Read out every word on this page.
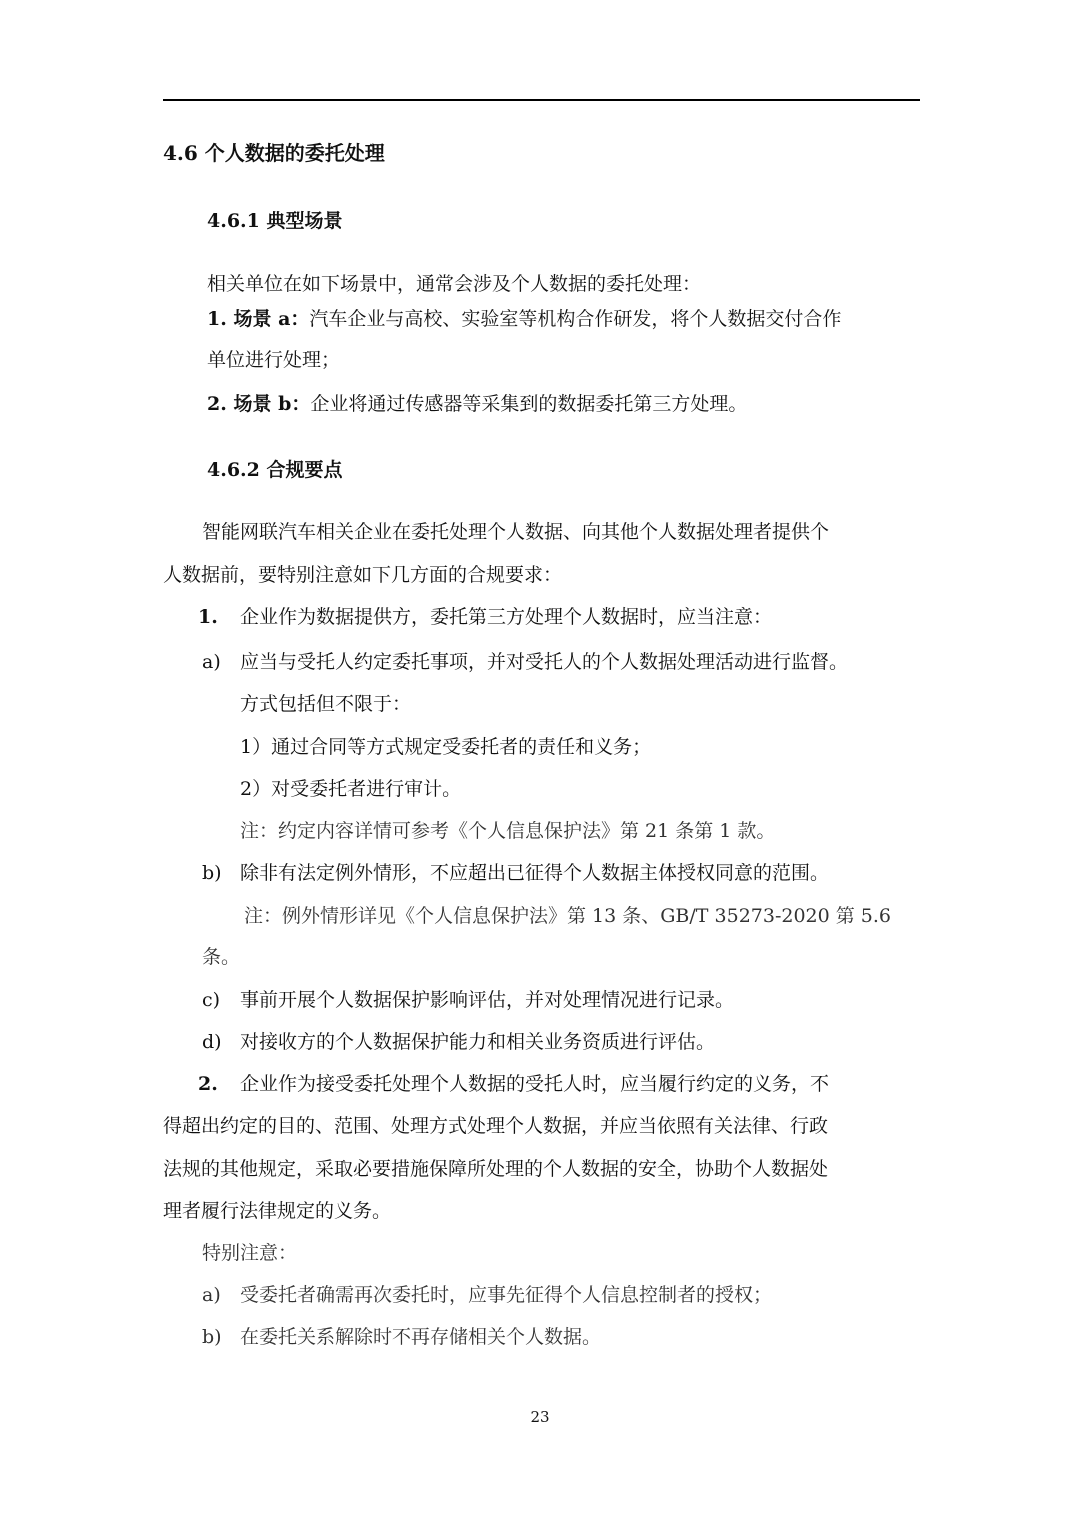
4.6 个人数据的委托处理
4.6.1 典型场景
相关单位在如下场景中，通常会涉及个人数据的委托处理：
1. 场景 a：汽车企业与高校、实验室等机构合作研发，将个人数据交付合作
单位进行处理；
2. 场景 b：企业将通过传感器等采集到的数据委托第三方处理。
4.6.2 合规要点
智能网联汽车相关企业在委托处理个人数据、向其他个人数据处理者提供个
人数据前，要特别注意如下几方面的合规要求：
1. 企业作为数据提供方，委托第三方处理个人数据时，应当注意：
a) 应当与受托人约定委托事项，并对受托人的个人数据处理活动进行监督。
方式包括但不限于：
1）通过合同等方式规定受委托者的责任和义务；
2）对受委托者进行审计。
注：约定内容详情可参考《个人信息保护法》第 21 条第 1 款。
b) 除非有法定例外情形，不应超出已征得个人数据主体授权同意的范围。
注：例外情形详见《个人信息保护法》第 13 条、GB/T 35273-2020 第 5.6
条。
c) 事前开展个人数据保护影响评估，并对处理情况进行记录。
d) 对接收方的个人数据保护能力和相关业务资质进行评估。
2. 企业作为接受委托处理个人数据的受托人时，应当履行约定的义务，不
得超出约定的目的、范围、处理方式处理个人数据，并应当依照有关法律、行政
法规的其他规定，采取必要措施保障所处理的个人数据的安全，协助个人数据处
理者履行法律规定的义务。
特别注意：
a) 受委托者确需再次委托时，应事先征得个人信息控制者的授权；
b) 在委托关系解除时不再存储相关个人数据。
23
